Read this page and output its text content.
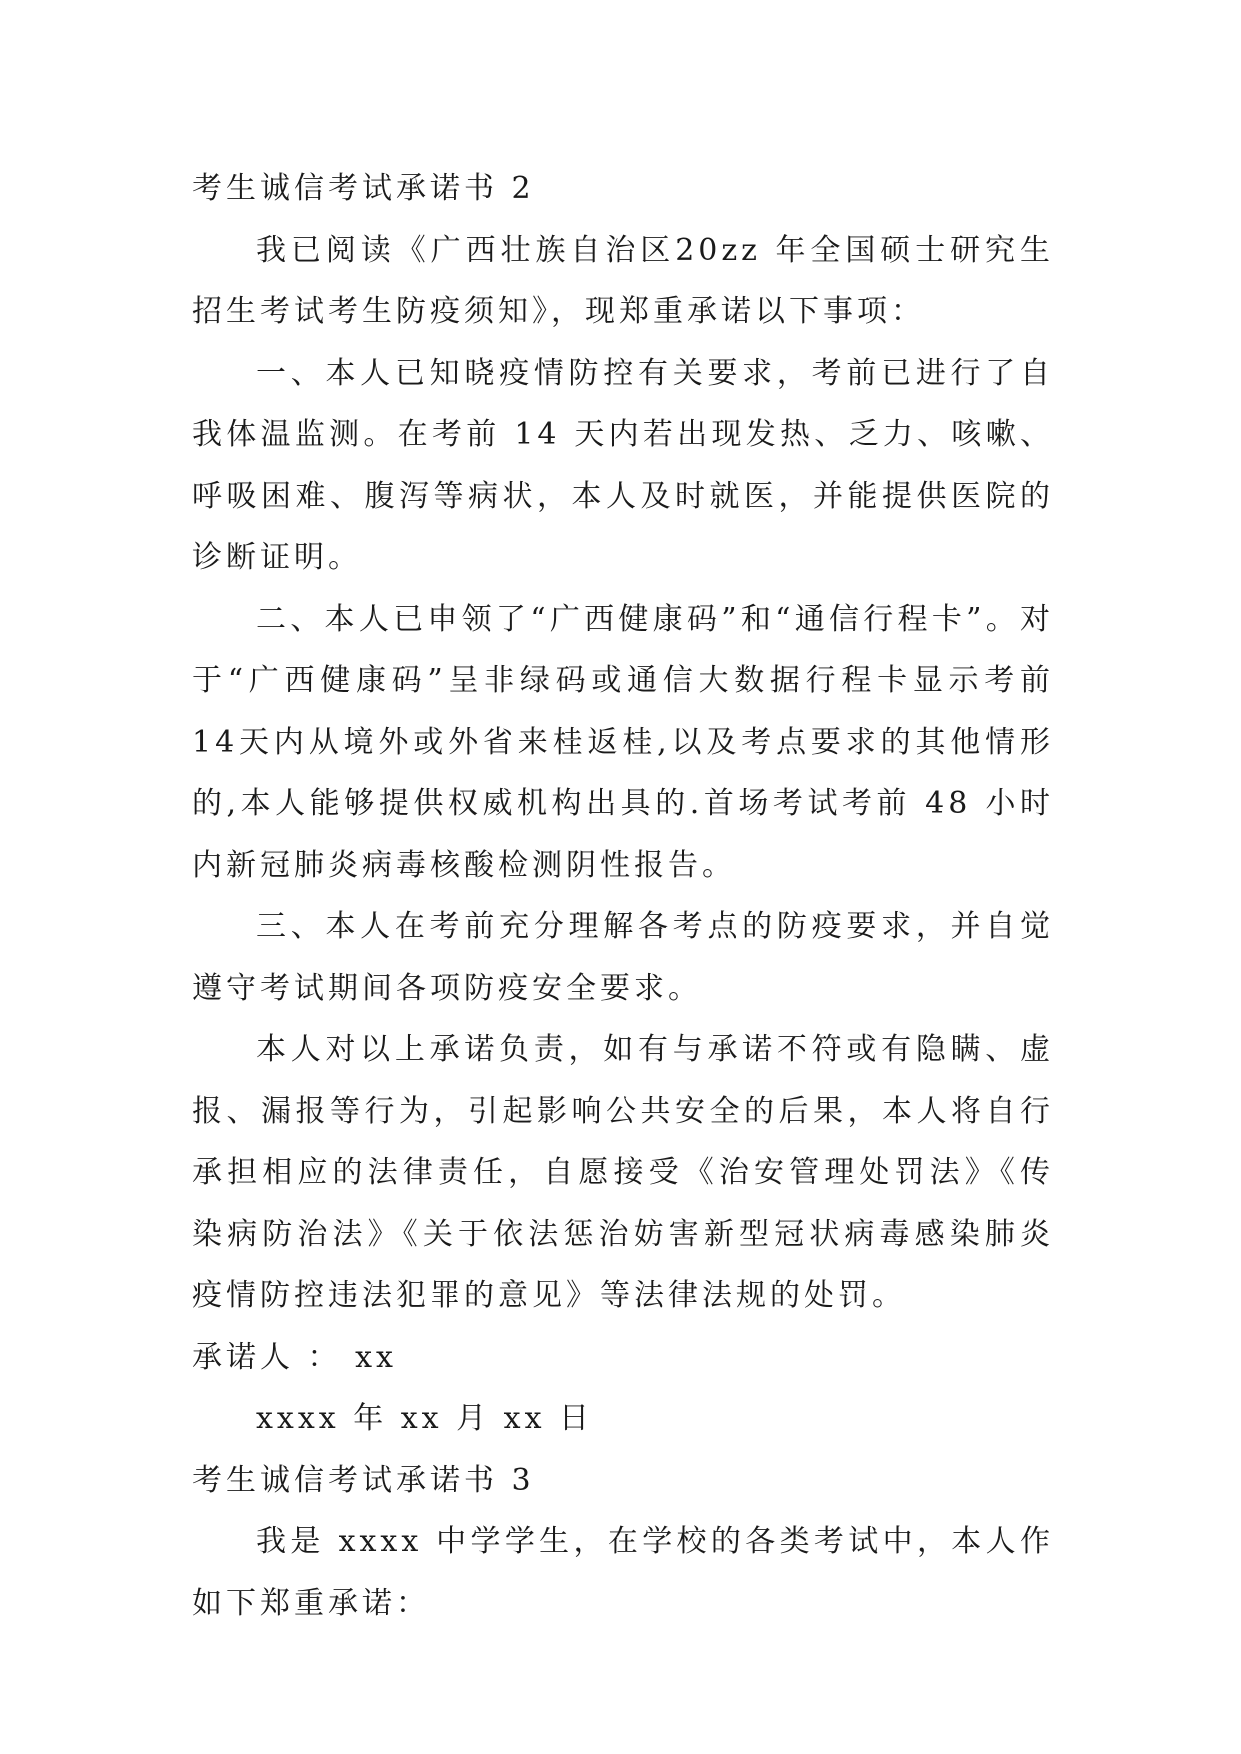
考生诚信考试承诺书 2

我已阅读《广西壮族自治区20zz 年全国硕士研究生招生考试考生防疫须知》，现郑重承诺以下事项：

一、本人已知晓疫情防控有关要求，考前已进行了自我体温监测。在考前 14 天内若出现发热、乏力、咳嗽、呼吸困难、腹泻等病状，本人及时就医，并能提供医院的诊断证明。

二、本人已申领了“广西健康码”和“通信行程卡”。对于“广西健康码”呈非绿码或通信大数据行程卡显示考前14天内从境外或外省来桂返桂,以及考点要求的其他情形的,本人能够提供权威机构出具的.首场考试考前 48 小时内新冠肺炎病毒核酸检测阴性报告。

三、本人在考前充分理解各考点的防疫要求，并自觉遵守考试期间各项防疫安全要求。

本人对以上承诺负责，如有与承诺不符或有隐瞒、虚报、漏报等行为，引起影响公共安全的后果，本人将自行承担相应的法律责任，自愿接受《治安管理处罚法》《传染病防治法》《关于依法惩治妨害新型冠状病毒感染肺炎疫情防控违法犯罪的意见》等法律法规的处罚。

承诺人 ： xx

xxxx 年 xx 月 xx 日

考生诚信考试承诺书 3

我是 xxxx 中学学生，在学校的各类考试中，本人作如下郑重承诺：
